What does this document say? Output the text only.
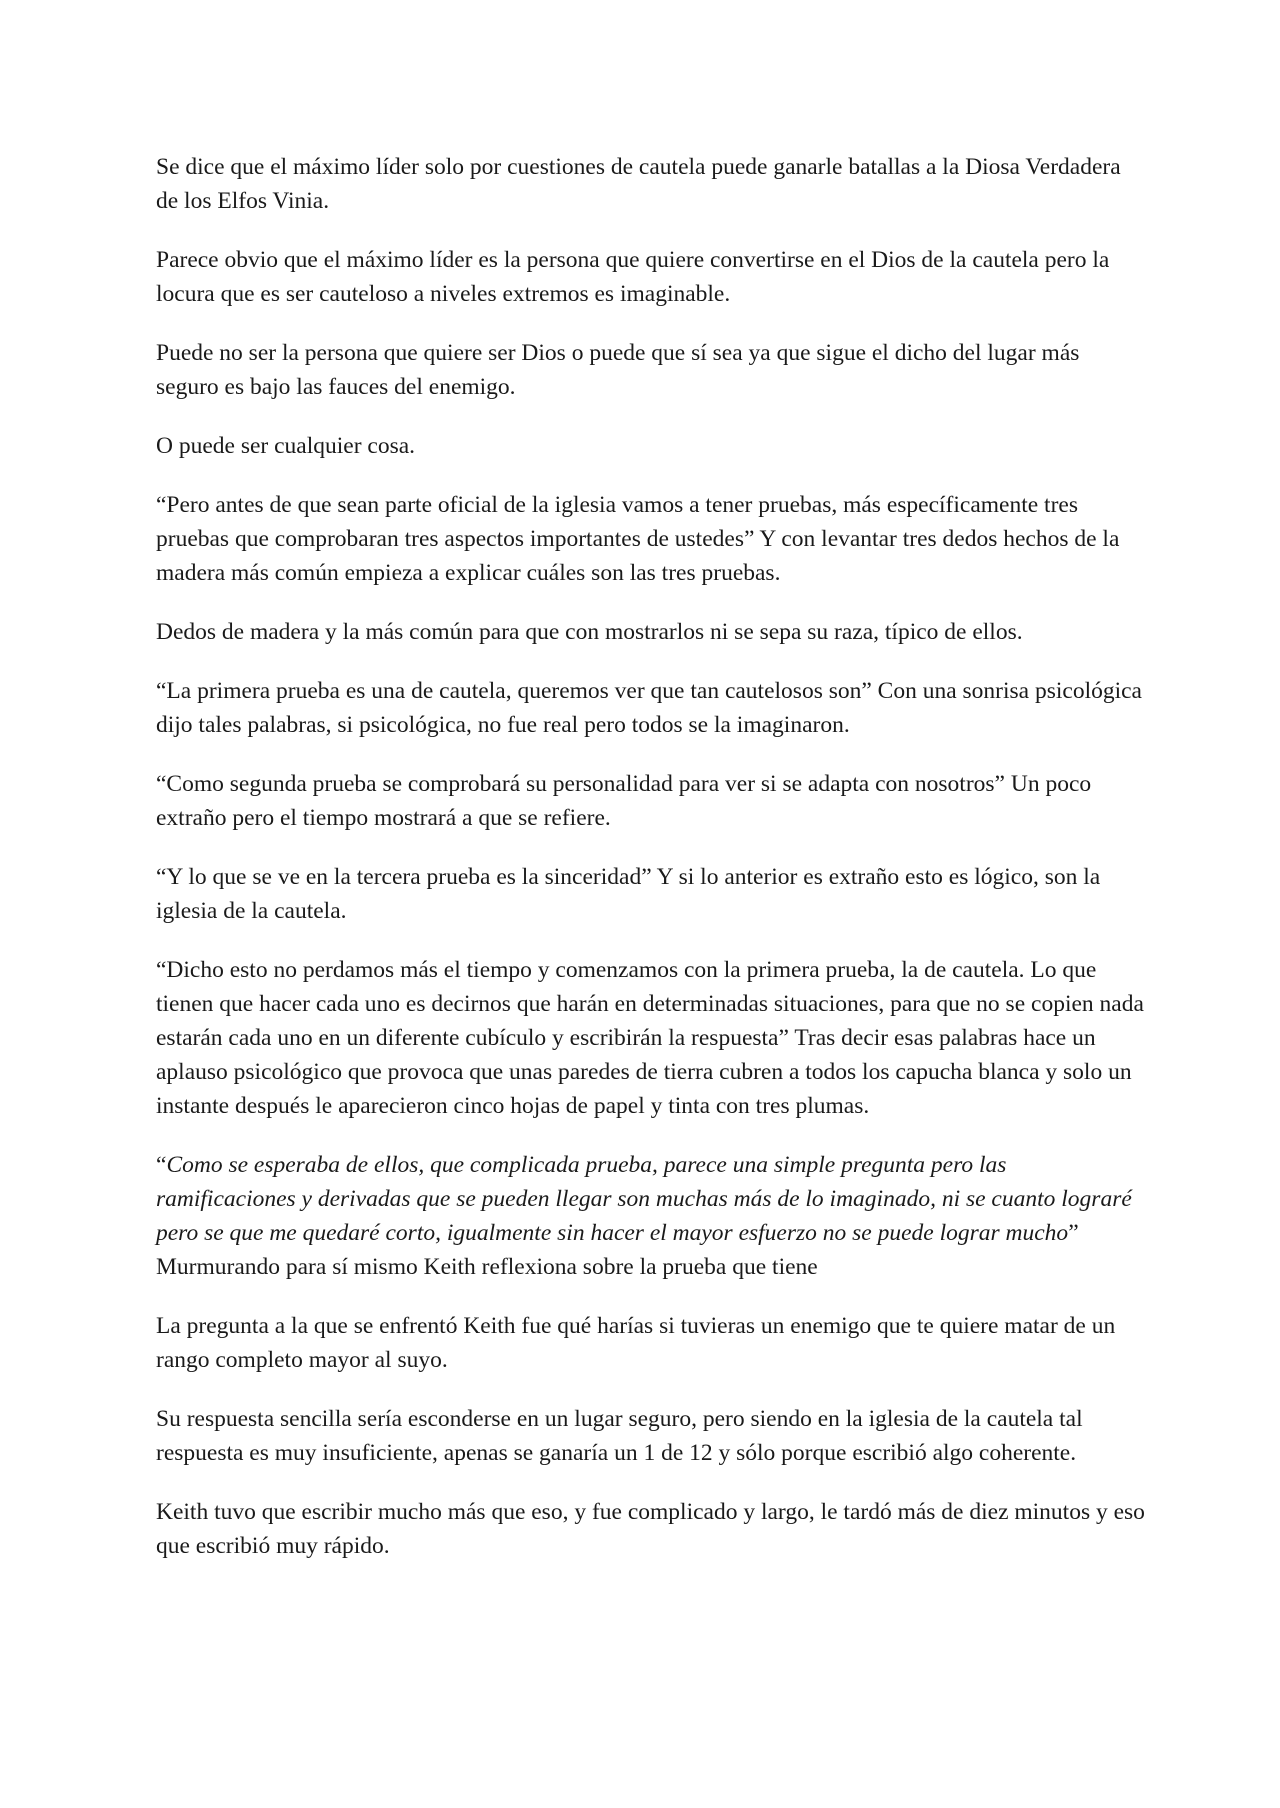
Se dice que el máximo líder solo por cuestiones de cautela puede ganarle batallas a la Diosa Verdadera de los Elfos Vinia.

Parece obvio que el máximo líder es la persona que quiere convertirse en el Dios de la cautela pero la locura que es ser cauteloso a niveles extremos es imaginable.

Puede no ser la persona que quiere ser Dios o puede que sí sea ya que sigue el dicho del lugar más seguro es bajo las fauces del enemigo.

O puede ser cualquier cosa.

“Pero antes de que sean parte oficial de la iglesia vamos a tener pruebas, más específicamente tres pruebas que comprobaran tres aspectos importantes de ustedes” Y con levantar tres dedos hechos de la madera más común empieza a explicar cuáles son las tres pruebas.

Dedos de madera y la más común para que con mostrarlos ni se sepa su raza, típico de ellos.

“La primera prueba es una de cautela, queremos ver que tan cautelosos son” Con una sonrisa psicológica dijo tales palabras, si psicológica, no fue real pero todos se la imaginaron.

“Como segunda prueba se comprobará su personalidad para ver si se adapta con nosotros” Un poco extraño pero el tiempo mostrará a que se refiere.

“Y lo que se ve en la tercera prueba es la sinceridad” Y si lo anterior es extraño esto es lógico, son la iglesia de la cautela.

“Dicho esto no perdamos más el tiempo y comenzamos con la primera prueba, la de cautela. Lo que tienen que hacer cada uno es decirnos que harán en determinadas situaciones, para que no se copien nada estarán cada uno en un diferente cubículo y escribirán la respuesta” Tras decir esas palabras hace un aplauso psicológico que provoca que unas paredes de tierra cubren a todos los capucha blanca y solo un instante después le aparecieron cinco hojas de papel y tinta con tres plumas.

“Como se esperaba de ellos, que complicada prueba, parece una simple pregunta pero las ramificaciones y derivadas que se pueden llegar son muchas más de lo imaginado, ni se cuanto lograré pero se que me quedaré corto, igualmente sin hacer el mayor esfuerzo no se puede lograr mucho” Murmurando para sí mismo Keith reflexiona sobre la prueba que tiene

La pregunta a la que se enfrentó Keith fue qué harías si tuvieras un enemigo que te quiere matar de un rango completo mayor al suyo.

Su respuesta sencilla sería esconderse en un lugar seguro, pero siendo en la iglesia de la cautela tal respuesta es muy insuficiente, apenas se ganaría un 1 de 12 y sólo porque escribió algo coherente.

Keith tuvo que escribir mucho más que eso, y fue complicado y largo, le tardó más de diez minutos y eso que escribió muy rápido.
